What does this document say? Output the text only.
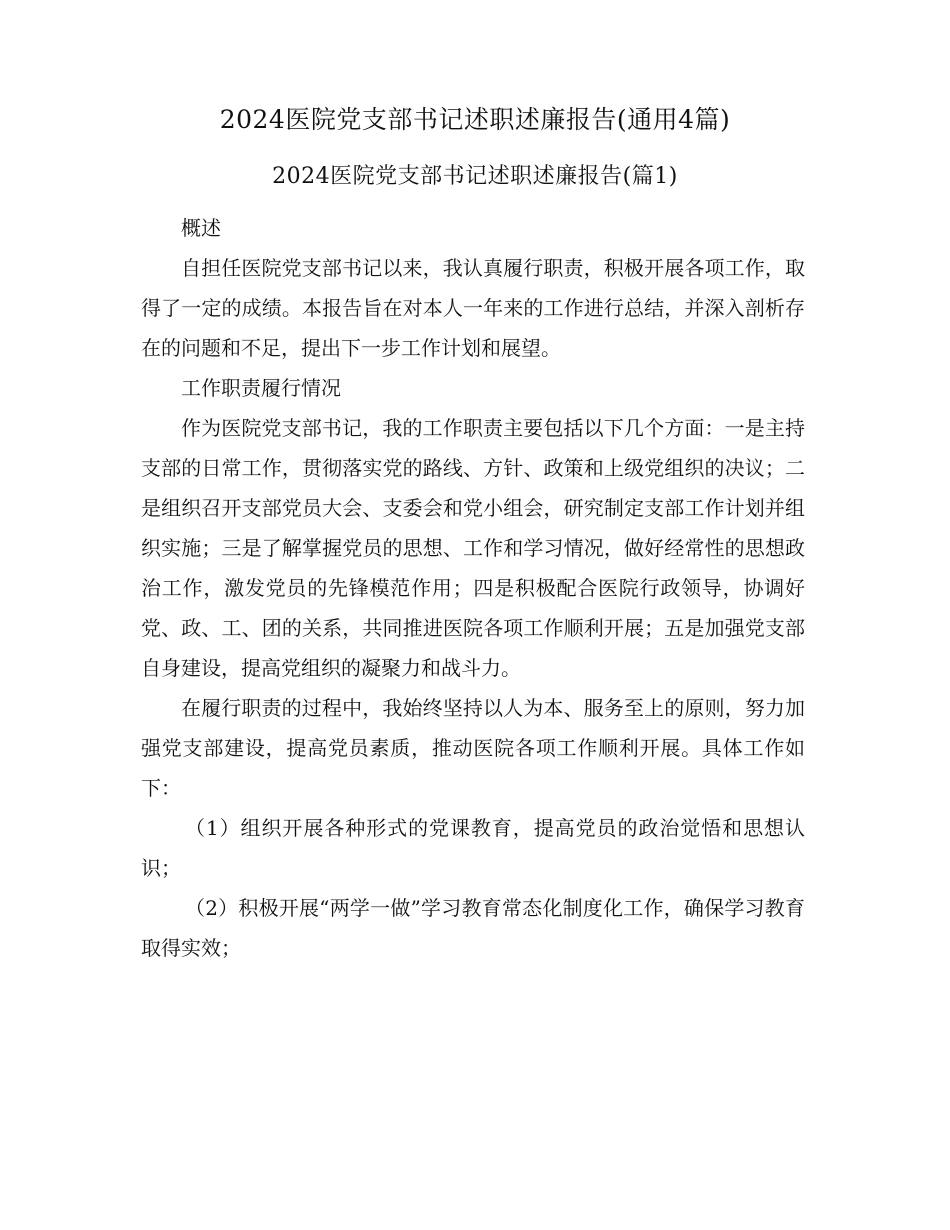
2024医院党支部书记述职述廉报告(通用4篇)
2024医院党支部书记述职述廉报告(篇1)

概述

自担任医院党支部书记以来，我认真履行职责，积极开展各项工作，取得了一定的成绩。本报告旨在对本人一年来的工作进行总结，并深入剖析存在的问题和不足，提出下一步工作计划和展望。

工作职责履行情况

作为医院党支部书记，我的工作职责主要包括以下几个方面：一是主持支部的日常工作，贯彻落实党的路线、方针、政策和上级党组织的决议；二是组织召开支部党员大会、支委会和党小组会，研究制定支部工作计划并组织实施；三是了解掌握党员的思想、工作和学习情况，做好经常性的思想政治工作，激发党员的先锋模范作用；四是积极配合医院行政领导，协调好党、政、工、团的关系，共同推进医院各项工作顺利开展；五是加强党支部自身建设，提高党组织的凝聚力和战斗力。

在履行职责的过程中，我始终坚持以人为本、服务至上的原则，努力加强党支部建设，提高党员素质，推动医院各项工作顺利开展。具体工作如下：

（1）组织开展各种形式的党课教育，提高党员的政治觉悟和思想认识；

（2）积极开展“两学一做”学习教育常态化制度化工作，确保学习教育取得实效；
